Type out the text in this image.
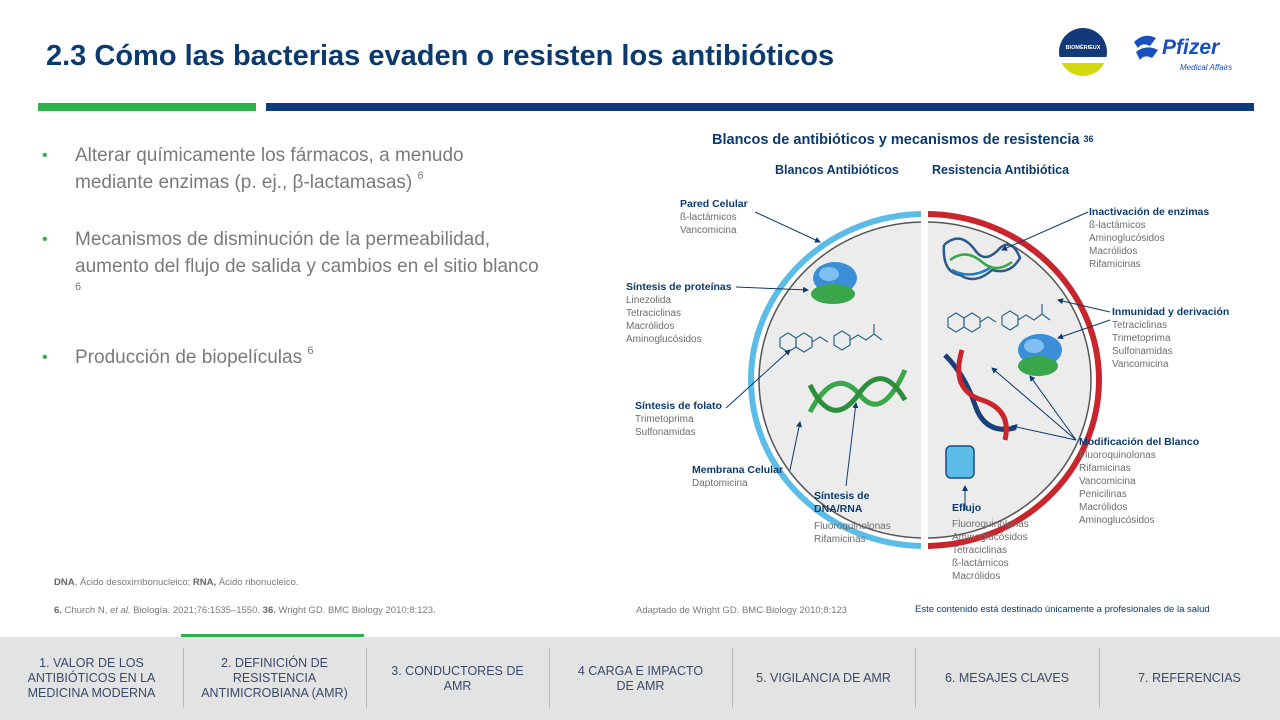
2.3 Cómo las bacterias evaden o resisten los antibióticos	BIOMÉRIEUX	Pfizer
Medical Affairs
• Alterar químicamente los fármacos, a menudo mediante enzimas (p. ej., β-lactamasas) $^6$
• Mecanismos de disminución de la permeabilidad, aumento del flujo de salida y cambios en el sitio blanco $^6$
• Producción de biopelículas $^6$
Blancos de antibióticos y mecanismos de resistencia $^{36}$
Blancos Antibióticos	Resistencia Antibiótica
Pared Celular
ß-lactámicos
Vancomicina
Síntesis de proteínas
Linezolida
Tetraciclinas
Macrólidos
Aminoglucósidos
Síntesis de folato
Trimetoprima
Sulfonamidas
Membrana Celular
Daptomicina
Síntesis de DNA/RNA
Fluoroquinolonas
Rifamicinas
Inactivación de enzimas
ß-lactámicos
Aminoglucósidos
Macrólidos
Rifamicinas
Inmunidad y derivación
Tetraciclinas
Trimetoprima
Sulfonamidas
Vancomicina
Modificación del Blanco
Fluoroquinolonas
Rifamicinas
Vancomicina
Penicilinas
Macrólidos
Aminoglucósidos
Eflujo
Fluoroquinolonas
Aminoglucósidos
Tetraciclinas
ß-lactámicos
Macrólidos
DNA, Ácido desoxirribonucleico; RNA, Ácido ribonucleico.
6. Church N, et al. Biología. 2021;76:1535–1550. 36. Wright GD. BMC Biology 2010;8:123.	Adaptado de Wright GD. BMC Biology 2010;8:123	Este contenido está destinado únicamente a profesionales de la salud
1. VALOR DE LOS ANTIBIÓTICOS EN LA MEDICINA MODERNA
2. DEFINICIÓN DE RESISTENCIA ANTIMICROBIANA (AMR)
3. CONDUCTORES DE AMR
4 CARGA E IMPACTO DE AMR
5. VIGILANCIA DE AMR	6. MESAJES CLAVES	7. REFERENCIAS
